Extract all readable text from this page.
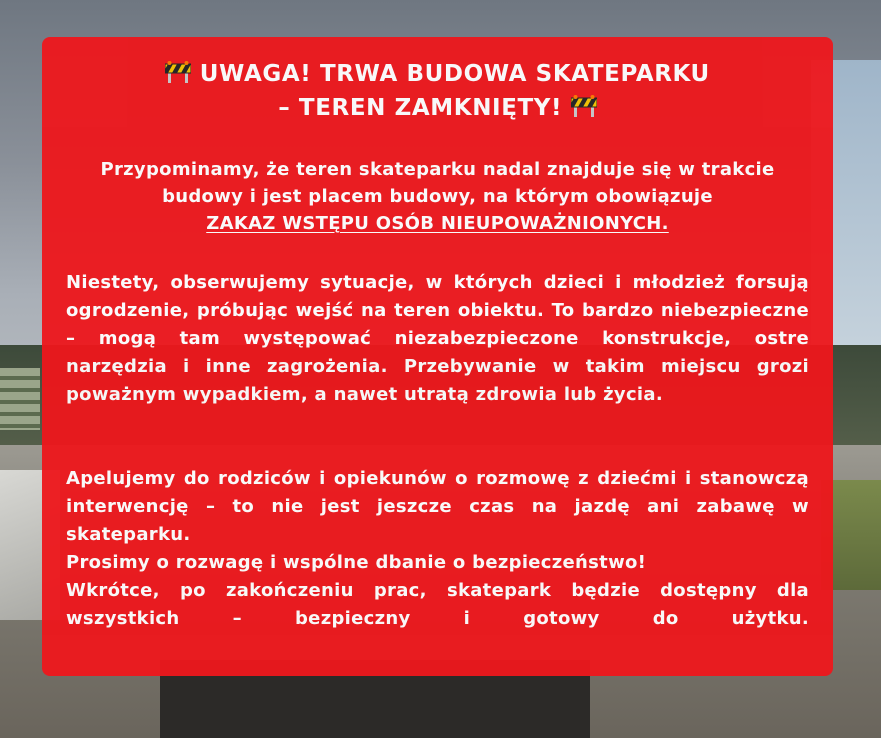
UWAGA! TRWA BUDOWA SKATEPARKU
– TEREN ZAMKNIĘTY!

Przypominamy, że teren skateparku nadal znajduje się w trakcie budowy i jest placem budowy, na którym obowiązuje
ZAKAZ WSTĘPU OSÓB NIEUPOWAŻNIONYCH.

Niestety, obserwujemy sytuacje, w których dzieci i młodzież forsują ogrodzenie, próbując wejść na teren obiektu. To bardzo niebezpieczne – mogą tam występować niezabezpieczone konstrukcje, ostre narzędzia i inne zagrożenia. Przebywanie w takim miejscu grozi poważnym wypadkiem, a nawet utratą zdrowia lub życia.

Apelujemy do rodziców i opiekunów o rozmowę z dziećmi i stanowczą interwencję – to nie jest jeszcze czas na jazdę ani zabawę w skateparku.
Prosimy o rozwagę i wspólne dbanie o bezpieczeństwo!
Wkrótce, po zakończeniu prac, skatepark będzie dostępny dla wszystkich – bezpieczny i gotowy do użytku.
